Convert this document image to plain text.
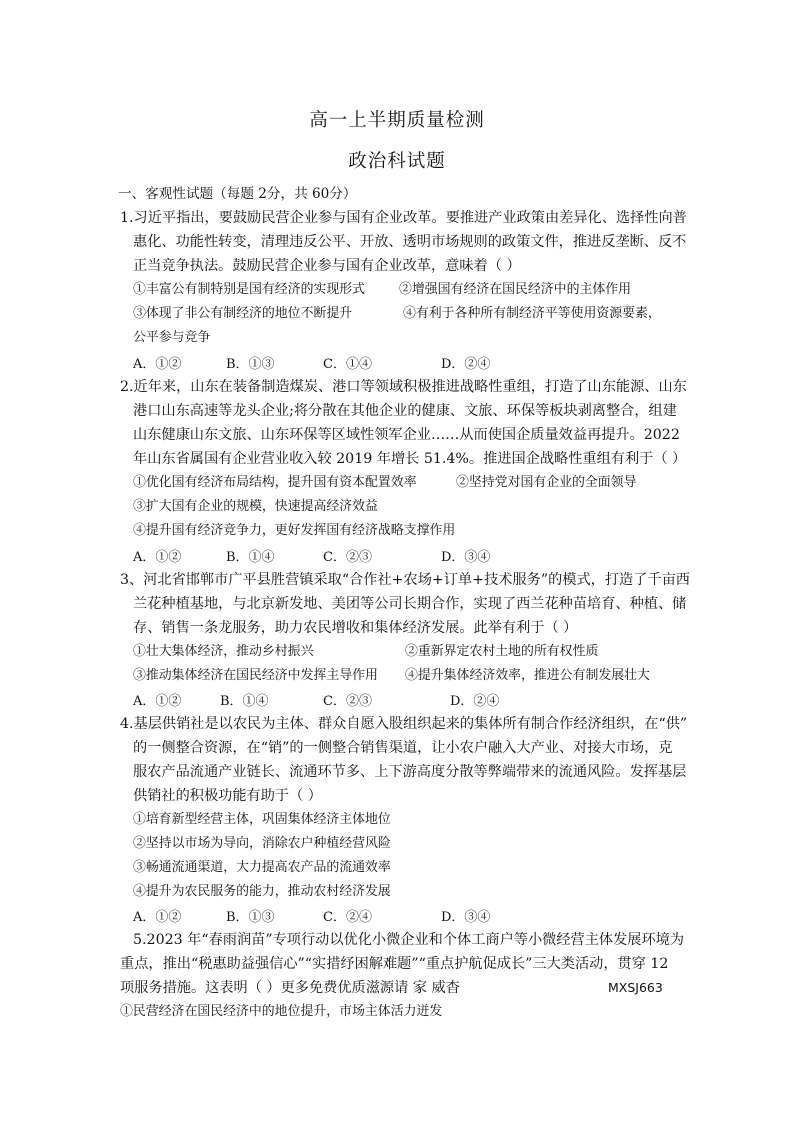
高一上半期质量检测
政治科试题
一、客观性试题（每题 2分，共 60分）
1.习近平指出，要鼓励民营企业参与国有企业改革。要推进产业政策由差异化、选择性向普
惠化、功能性转变，清理违反公平、开放、透明市场规则的政策文件，推进反垄断、反不
正当竞争执法。鼓励民营企业参与国有企业改革，意味着（ ）
①丰富公有制特别是国有经济的实现形式	②增强国有经济在国民经济中的主体作用
③体现了非公有制经济的地位不断提升	④有利于各种所有制经济平等使用资源要素，
公平参与竞争
A．①②	B．①③	C．①④	D．②④
2.近年来，山东在装备制造煤炭、港口等领域积极推进战略性重组，打造了山东能源、山东
港口山东高速等龙头企业;将分散在其他企业的健康、文旅、环保等板块剥离整合，组建
山东健康山东文旅、山东环保等区域性领军企业……从而使国企质量效益再提升。2022
年山东省属国有企业营业收入较 2019 年增长 51.4%。推进国企战略性重组有利于（ ）
①优化国有经济布局结构，提升国有资本配置效率	②坚持党对国有企业的全面领导
③扩大国有企业的规模，快速提高经济效益
④提升国有经济竞争力，更好发挥国有经济战略支撑作用
A．①②	B．①④	C．②③	D．③④
3、河北省邯郸市广平县胜营镇采取“合作社+农场+订单+技术服务”的模式，打造了千亩西
兰花种植基地，与北京新发地、美团等公司长期合作，实现了西兰花种苗培育、种植、储
存、销售一条龙服务，助力农民增收和集体经济发展。此举有利于（ ）
①壮大集体经济，推动乡村振兴	②重新界定农村土地的所有权性质
③推动集体经济在国民经济中发挥主导作用 ④提升集体经济效率，推进公有制发展壮大
A．①②	B．①④	C．②③	D．②④
4.基层供销社是以农民为主体、群众自愿入股组织起来的集体所有制合作经济组织，在“供”
的一侧整合资源，在“销”的一侧整合销售渠道，让小农户融入大产业、对接大市场，克
服农产品流通产业链长、流通环节多、上下游高度分散等弊端带来的流通风险。发挥基层
供销社的积极功能有助于（ ）
①培育新型经营主体，巩固集体经济主体地位
②坚持以市场为导向，消除农户种植经营风险
③畅通流通渠道，大力提高农产品的流通效率
④提升为农民服务的能力，推动农村经济发展
A．①②	B．①③	C．②④	D．③④
5.2023 年“春雨润苗”专项行动以优化小微企业和个体工商户等小微经营主体发展环境为
重点，推出“税惠助益强信心”“实措纾困解难题”“重点护航促成长”三大类活动，贯穿 12
项服务措施。这表明（ ）更多免费优质滋源请 家 威杳	MXSJ663
①民营经济在国民经济中的地位提升，市场主体活力迸发
